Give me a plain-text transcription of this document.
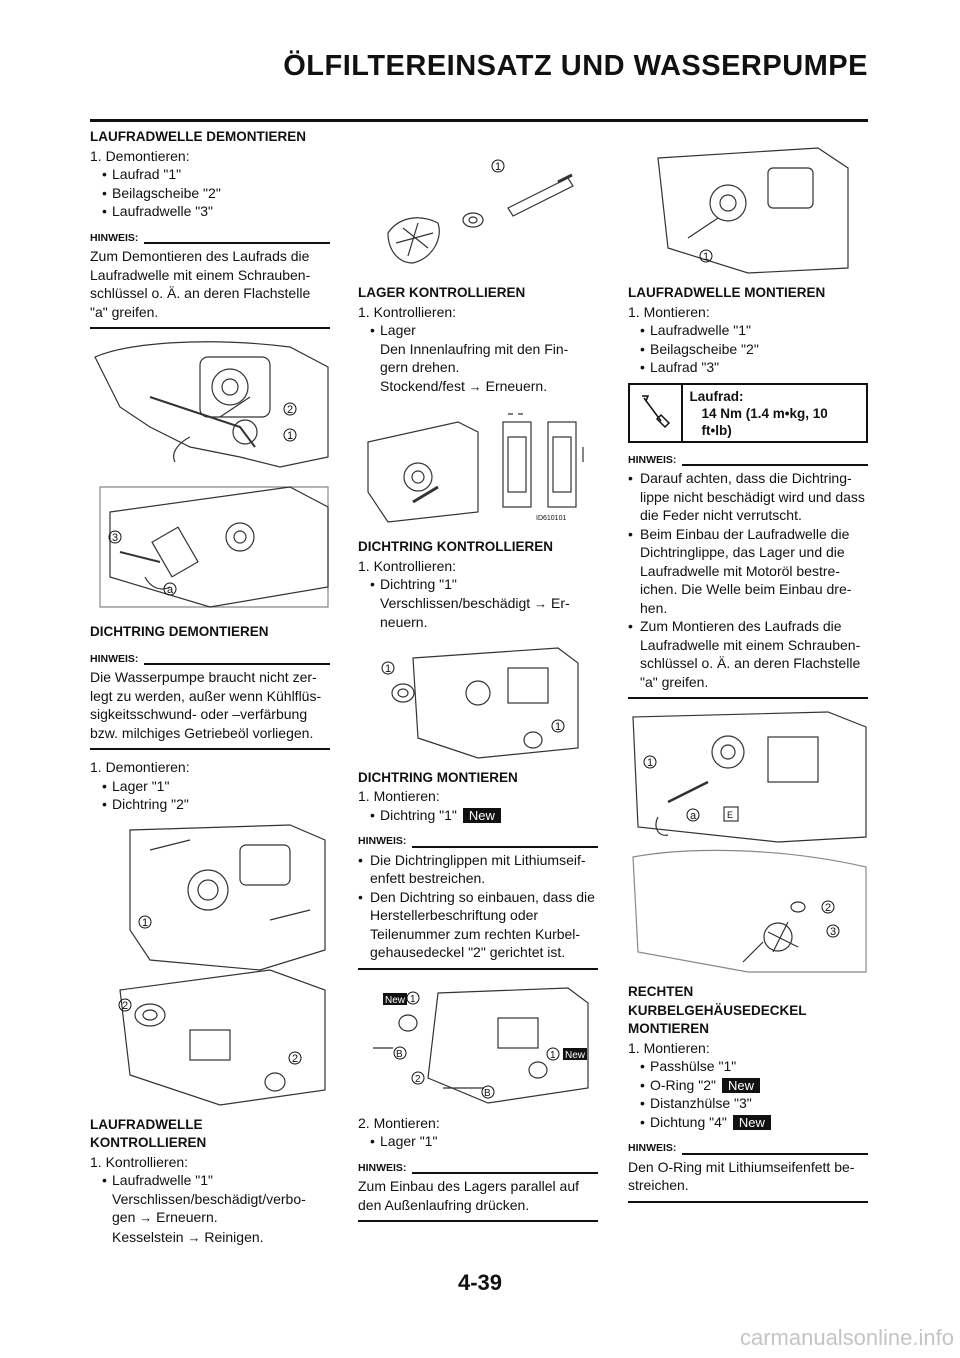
ÖLFILTEREINSATZ UND WASSERPUMPE

LAUFRADWELLE DEMONTIEREN

1. Demontieren:

• Laufrad "1"
• Beilagscheibe "2"
• Laufradwelle "3"
HINWEIS:
Zum Demontieren des Laufrads die Laufradwelle mit einem Schrauben-schlüssel o. Ä. an deren Flachstelle "a" greifen.
2
1
3
a

DICHTRING DEMONTIEREN

HINWEIS:
Die Wasserpumpe braucht nicht zer-legt zu werden, außer wenn Kühlflüs-sigkeitsschwund- oder –verfärbung bzw. milchiges Getriebeöl vorliegen.

1. Demontieren:

• Lager "1"
• Dichtring "2"
1
2
2

LAUFRADWELLE

KONTROLLIEREN

1. Kontrollieren:

• Laufradwelle "1"
Verschlissen/beschädigt/verbo-
gen → Erneuern.
Kesselstein → Reinigen.
1

LAGER KONTROLLIEREN

1. Kontrollieren:

• Lager
Den Innenlaufring mit den Fin-
gern drehen.
Stockend/fest → Erneuern.
ID610101

DICHTRING KONTROLLIEREN

1. Kontrollieren:

• Dichtring "1"
Verschlissen/beschädigt → Er-
neuern.
1
1

DICHTRING MONTIEREN

1. Montieren:

• Dichtring "1" New
HINWEIS:
• Die Dichtringlippen mit Lithiumseif-enfett bestreichen.
• Den Dichtring so einbauen, dass die Herstellerbeschriftung oder Teilenummer zum rechten Kurbel-gehausedeckel "2" gerichtet ist.
New
New
1
1
2
B
B

2. Montieren:

• Lager "1"
HINWEIS:
Zum Einbau des Lagers parallel auf den Außenlaufring drücken.
1

LAUFRADWELLE MONTIEREN

1. Montieren:

• Laufradwelle "1"
• Beilagscheibe "2"
• Laufrad "3"
Laufrad:
14 Nm (1.4 m•kg, 10 ft•lb)
HINWEIS:
• Darauf achten, dass die Dichtring-lippe nicht beschädigt wird und dass die Feder nicht verrutscht.
• Beim Einbau der Laufradwelle die Dichtringlippe, das Lager und die Laufradwelle mit Motoröl bestre-ichen. Die Welle beim Einbau dre-hen.
• Zum Montieren des Laufrads die Laufradwelle mit einem Schrauben-schlüssel o. Ä. an deren Flachstelle "a" greifen.
1
a	E
2
3

RECHTEN

KURBELGEHÄUSEDECKEL

MONTIEREN

1. Montieren:

• Passhülse "1"
• O-Ring "2" New
• Distanzhülse "3"
• Dichtung "4" New
HINWEIS:
Den O-Ring mit Lithiumseifenfett be-streichen.
4-39
carmanualsonline.info
